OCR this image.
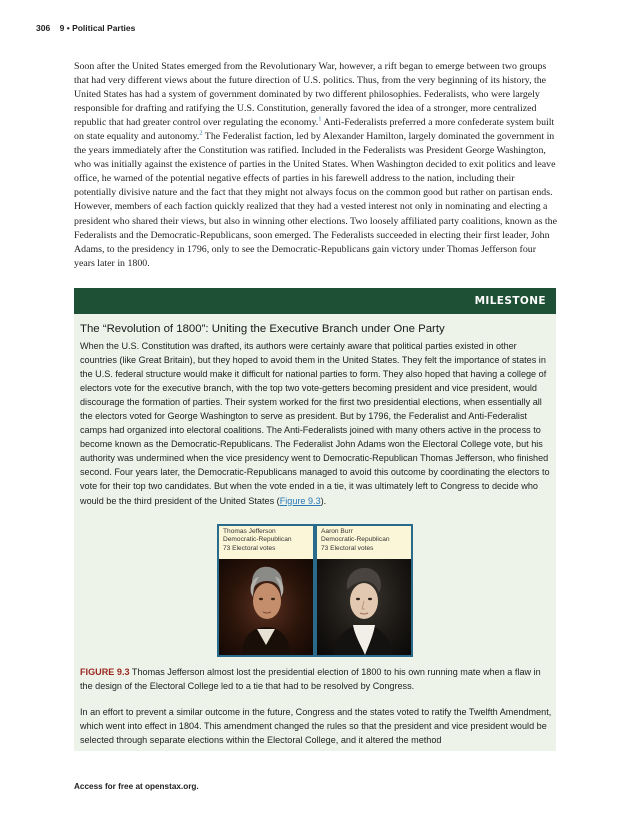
306 9 • Political Parties

Soon after the United States emerged from the Revolutionary War, however, a rift began to emerge between two groups that had very different views about the future direction of U.S. politics. Thus, from the very beginning of its history, the United States has had a system of government dominated by two different philosophies. Federalists, who were largely responsible for drafting and ratifying the U.S. Constitution, generally favored the idea of a stronger, more centralized republic that had greater control over regulating the economy.$^1$ Anti-Federalists preferred a more confederate system built on state equality and autonomy.$^2$ The Federalist faction, led by Alexander Hamilton, largely dominated the government in the years immediately after the Constitution was ratified. Included in the Federalists was President George Washington, who was initially against the existence of parties in the United States. When Washington decided to exit politics and leave office, he warned of the potential negative effects of parties in his farewell address to the nation, including their potentially divisive nature and the fact that they might not always focus on the common good but rather on partisan ends. However, members of each faction quickly realized that they had a vested interest not only in nominating and electing a president who shared their views, but also in winning other elections. Two loosely affiliated party coalitions, known as the Federalists and the Democratic-Republicans, soon emerged. The Federalists succeeded in electing their first leader, John Adams, to the presidency in 1796, only to see the Democratic-Republicans gain victory under Thomas Jefferson four years later in 1800.

MILESTONE
The “Revolution of 1800”: Uniting the Executive Branch under One Party

When the U.S. Constitution was drafted, its authors were certainly aware that political parties existed in other countries (like Great Britain), but they hoped to avoid them in the United States. They felt the importance of states in the U.S. federal structure would make it difficult for national parties to form. They also hoped that having a college of electors vote for the executive branch, with the top two vote-getters becoming president and vice president, would discourage the formation of parties. Their system worked for the first two presidential elections, when essentially all the electors voted for George Washington to serve as president. But by 1796, the Federalist and Anti-Federalist camps had organized into electoral coalitions. The Anti-Federalists joined with many others active in the process to become known as the Democratic-Republicans. The Federalist John Adams won the Electoral College vote, but his authority was undermined when the vice presidency went to Democratic-Republican Thomas Jefferson, who finished second. Four years later, the Democratic-Republicans managed to avoid this outcome by coordinating the electors to vote for their top two candidates. But when the vote ended in a tie, it was ultimately left to Congress to decide who would be the third president of the United States (Figure 9.3).

Thomas Jefferson
Democratic-Republican
73 Electoral votes
Aaron Burr
Democratic-Republican
73 Electoral votes
FIGURE 9.3 Thomas Jefferson almost lost the presidential election of 1800 to his own running mate when a flaw in the design of the Electoral College led to a tie that had to be resolved by Congress.
In an effort to prevent a similar outcome in the future, Congress and the states voted to ratify the Twelfth Amendment, which went into effect in 1804. This amendment changed the rules so that the president and vice president would be selected through separate elections within the Electoral College, and it altered the method
Access for free at openstax.org.
